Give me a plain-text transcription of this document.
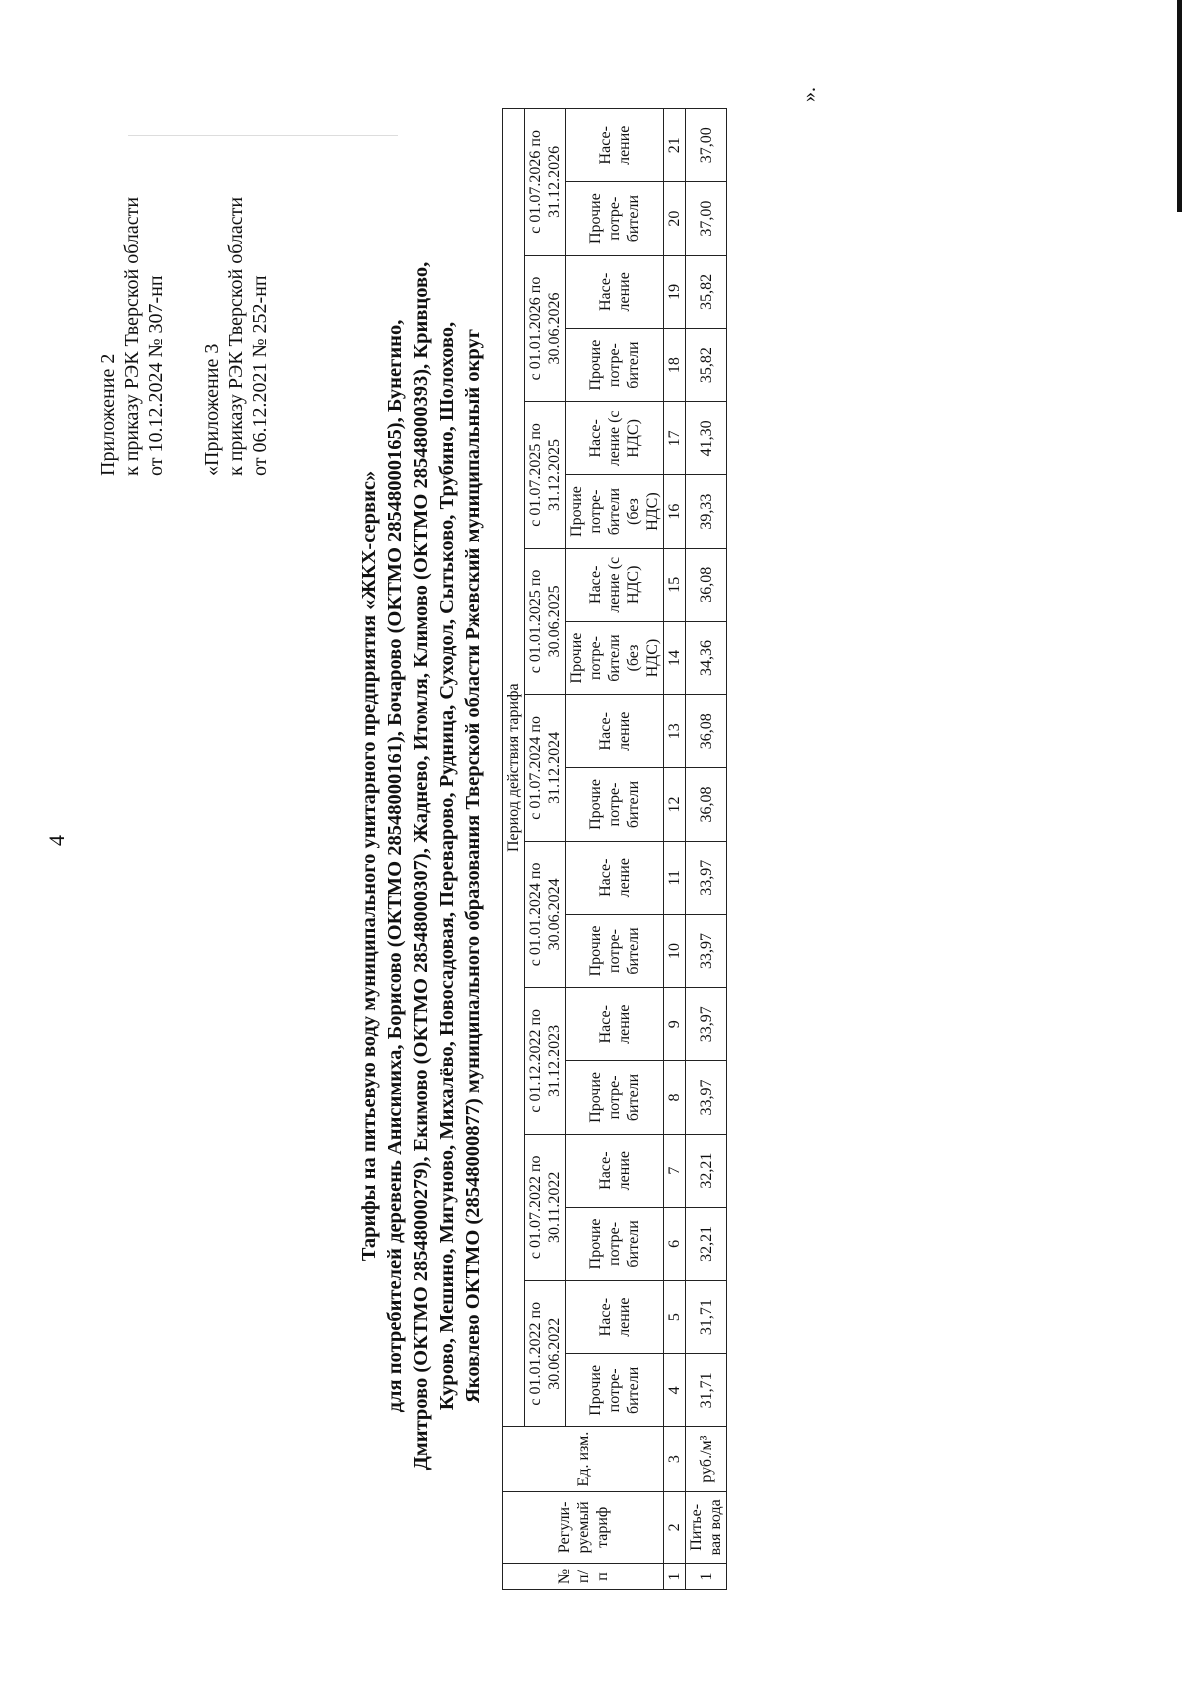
4
Приложение 2 к приказу РЭК Тверской области от 10.12.2024 № 307-нп «Приложение 3 к приказу РЭК Тверской области от 06.12.2021 № 252-нп
Тарифы на питьевую воду муниципального унитарного предприятия «ЖКХ-сервис» для потребителей деревень Анисимиха, Борисово (ОКТМО 28548000161), Бочарово (ОКТМО 28548000165), Бунегино, Дмитрово (ОКТМО 28548000279), Екимово (ОКТМО 28548000307), Жаднево, Итомля, Климово (ОКТМО 28548000393), Кривцово, Курово, Мешино, Мигуново, Михалёво, Новосадовая, Переварово, Рудница, Суходол, Сытьково, Трубино, Шолохово, Яковлево ОКТМО (28548000877) муниципального образования Тверской области Ржевский муниципальный округ
№ п/п	Регули-руемый тариф	Ед. изм.	Период действия тарифа																	
			с 01.01.2022 по 30.06.2022		с 01.07.2022 по 30.11.2022		с 01.12.2022 по 31.12.2023		с 01.01.2024 по 30.06.2024		с 01.07.2024 по 31.12.2024		с 01.01.2025 по 30.06.2025		с 01.07.2025 по 31.12.2025		с 01.01.2026 по 30.06.2026		с 01.07.2026 по 31.12.2026	
			Прочие потре-бители	Насе-ление	Прочие потре-бители	Насе-ление	Прочие потре-бители	Насе-ление	Прочие потре-бители	Насе-ление	Прочие потре-бители	Насе-ление	Прочие потре-бители (без НДС)	Насе-ление (с НДС)	Прочие потре-бители (без НДС)	Насе-ление (с НДС)	Прочие потре-бители	Насе-ление	Прочие потре-бители	Насе-ление
1	2	3	4	5	6	7	8	9	10	11	12	13	14	15	16	17	18	19	20	21
1	Питье-вая вода	руб./м³	31,71	31,71	32,21	32,21	33,97	33,97	33,97	33,97	36,08	36,08	34,36	36,08	39,33	41,30	35,82	35,82	37,00	37,00
».
